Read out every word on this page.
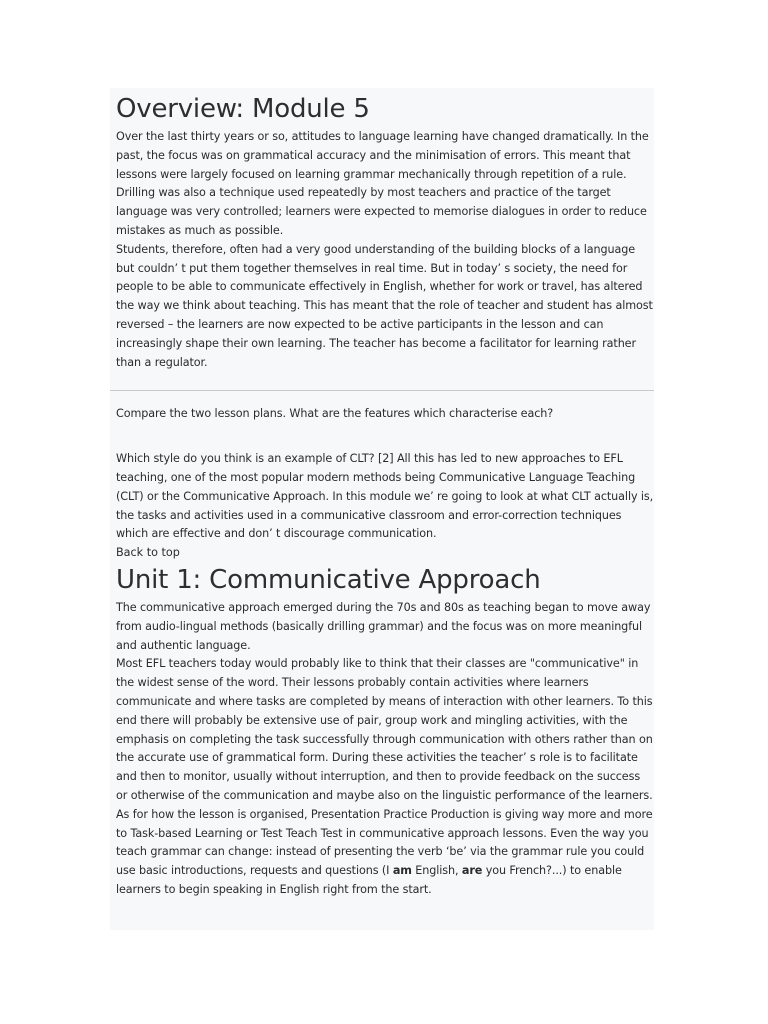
Overview: Module 5

Over the last thirty years or so, attitudes to language learning have changed dramatically. In the past, the focus was on grammatical accuracy and the minimisation of errors. This meant that lessons were largely focused on learning grammar mechanically through repetition of a rule. Drilling was also a technique used repeatedly by most teachers and practice of the target language was very controlled; learners were expected to memorise dialogues in order to reduce mistakes as much as possible.

Students, therefore, often had a very good understanding of the building blocks of a language but couldn’ t put them together themselves in real time. But in today’ s society, the need for people to be able to communicate effectively in English, whether for work or travel, has altered the way we think about teaching. This has meant that the role of teacher and student has almost reversed – the learners are now expected to be active participants in the lesson and can increasingly shape their own learning. The teacher has become a facilitator for learning rather than a regulator.

Compare the two lesson plans. What are the features which characterise each?

Which style do you think is an example of CLT? [2] All this has led to new approaches to EFL teaching, one of the most popular modern methods being Communicative Language Teaching (CLT) or the Communicative Approach. In this module we’ re going to look at what CLT actually is, the tasks and activities used in a communicative classroom and error-correction techniques which are effective and don’ t discourage communication.

Back to top
Unit 1: Communicative Approach

The communicative approach emerged during the 70s and 80s as teaching began to move away from audio-lingual methods (basically drilling grammar) and the focus was on more meaningful and authentic language.

Most EFL teachers today would probably like to think that their classes are "communicative" in the widest sense of the word. Their lessons probably contain activities where learners communicate and where tasks are completed by means of interaction with other learners. To this end there will probably be extensive use of pair, group work and mingling activities, with the emphasis on completing the task successfully through communication with others rather than on the accurate use of grammatical form. During these activities the teacher’ s role is to facilitate and then to monitor, usually without interruption, and then to provide feedback on the success or otherwise of the communication and maybe also on the linguistic performance of the learners.

As for how the lesson is organised, Presentation Practice Production is giving way more and more to Task-based Learning or Test Teach Test in communicative approach lessons. Even the way you teach grammar can change: instead of presenting the verb ‘be’ via the grammar rule you could use basic introductions, requests and questions (I am English, are you French?...) to enable learners to begin speaking in English right from the start.
